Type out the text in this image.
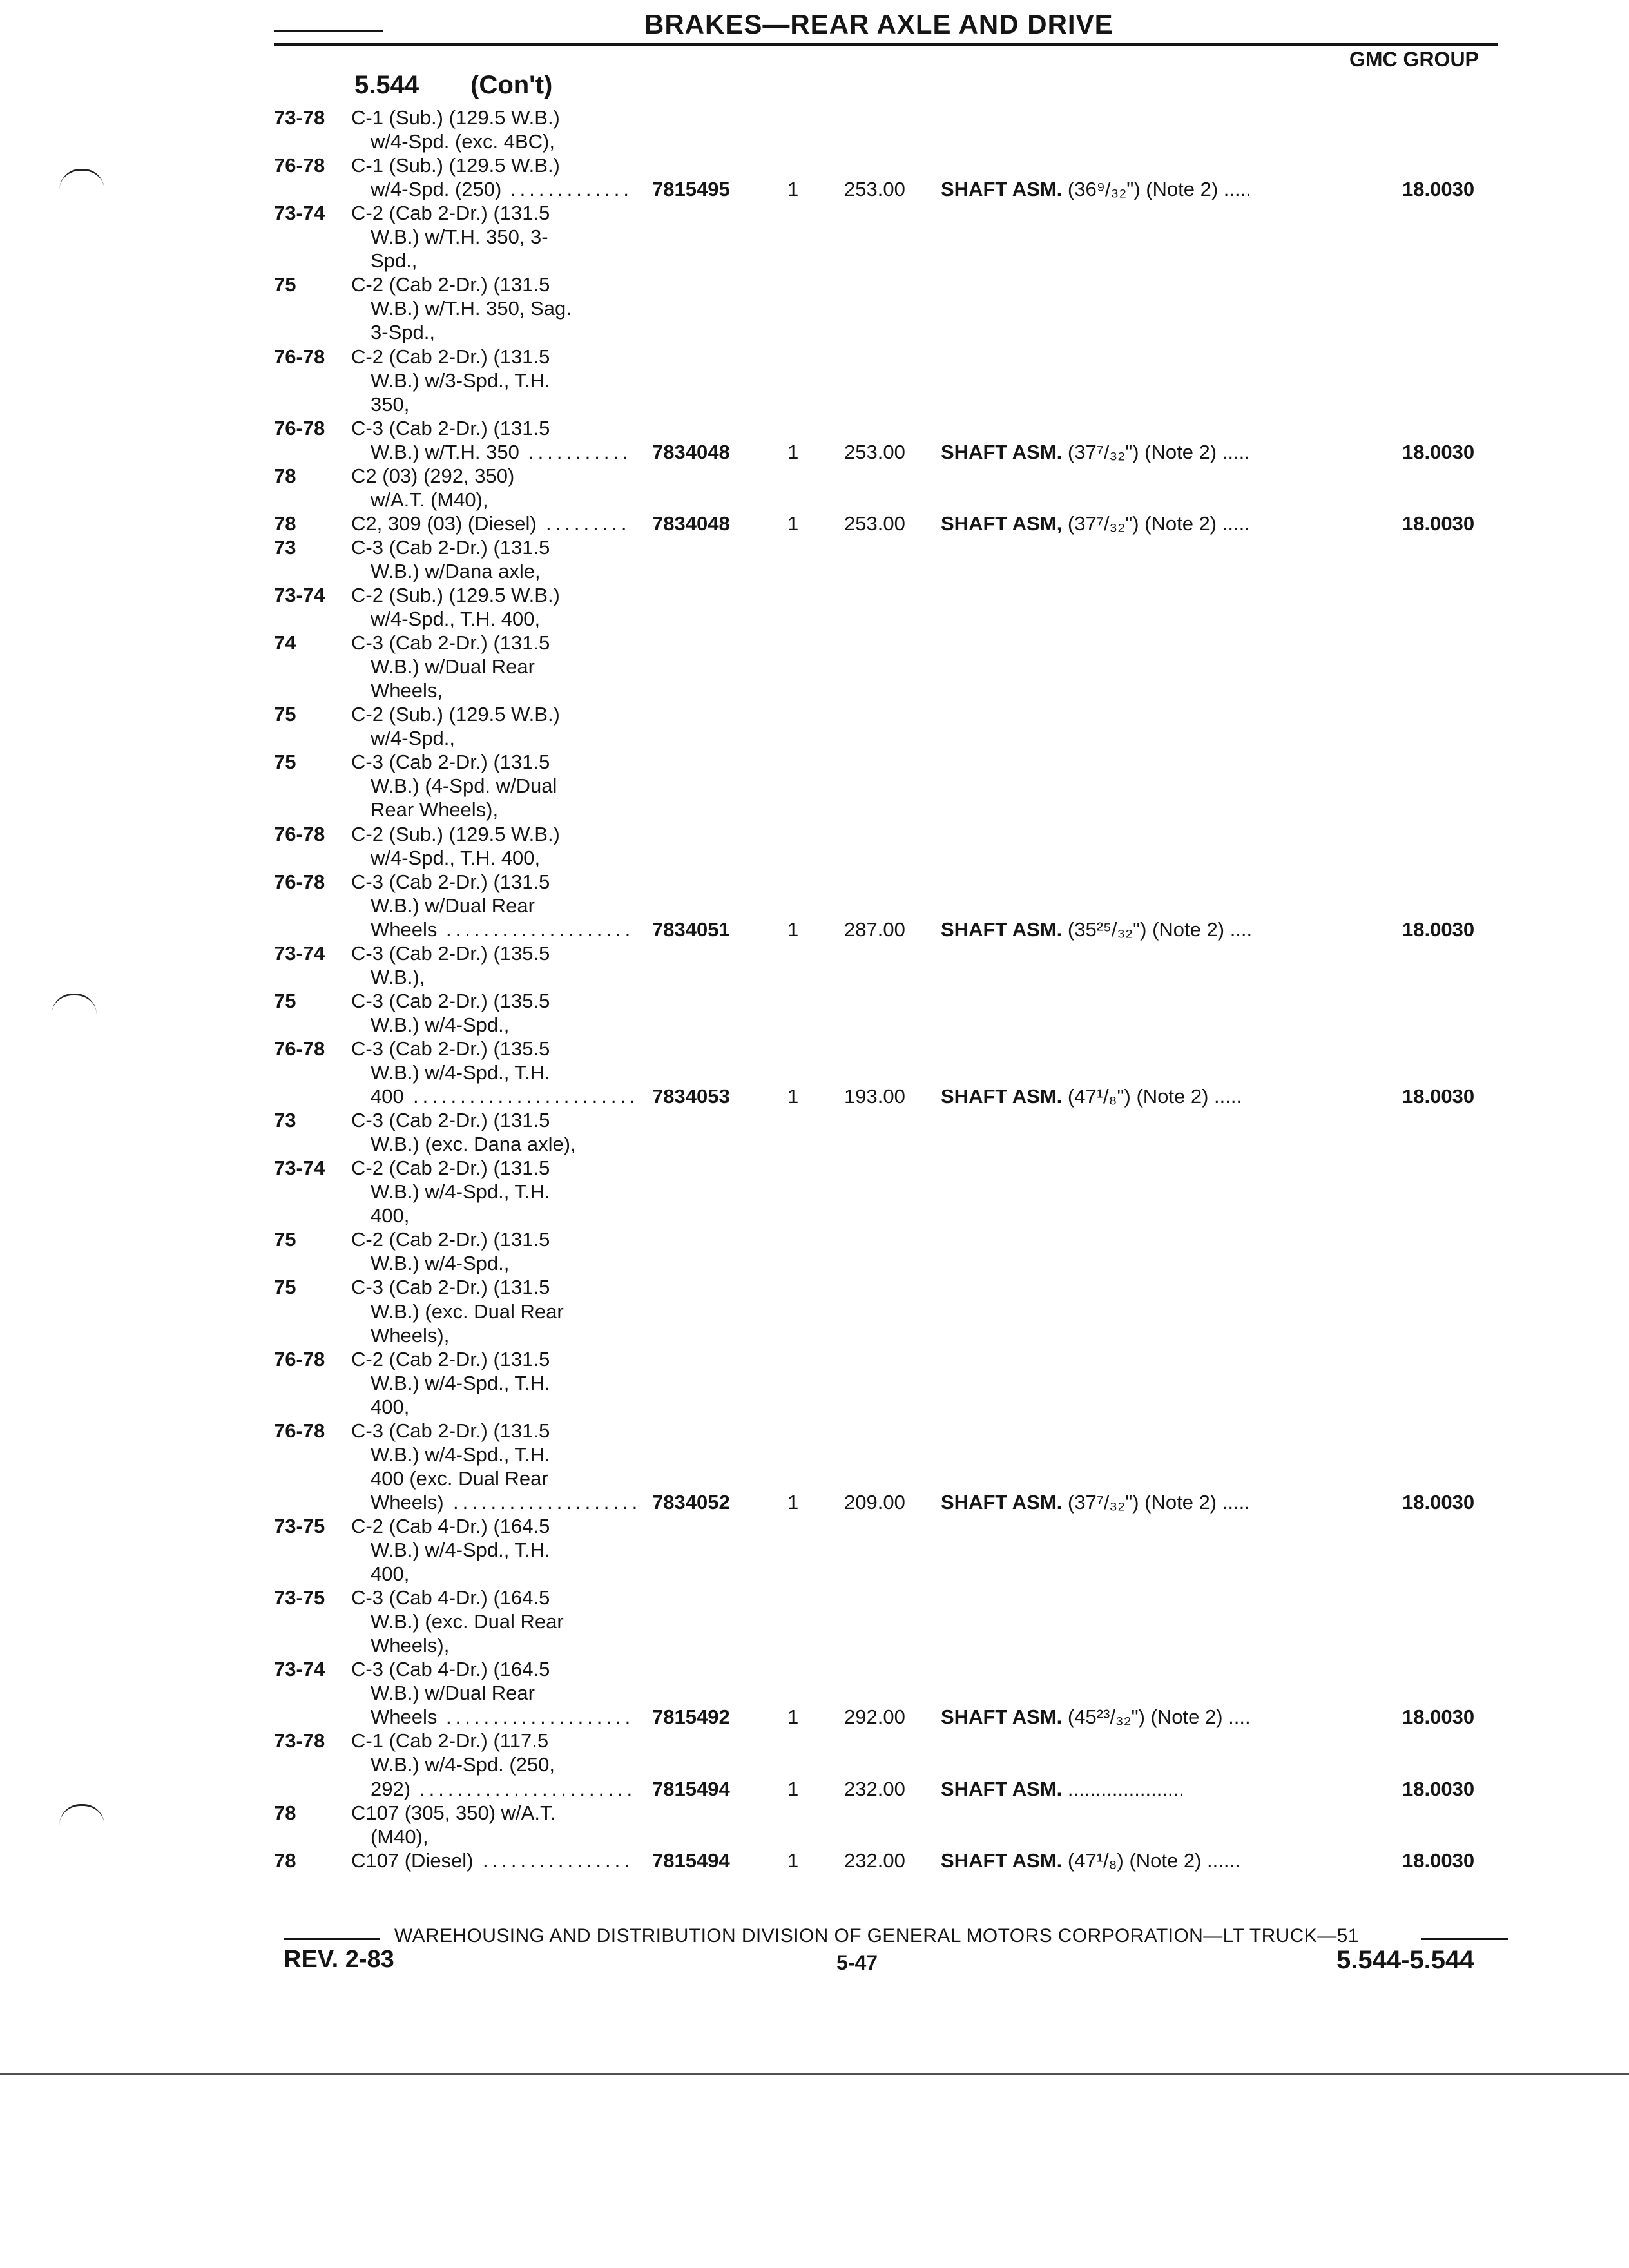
BRAKES—REAR AXLE AND DRIVE
GMC GROUP
5.544 (Con't)
73-78	C-1 (Sub.) (129.5 W.B.)
w/4-Spd. (exc. 4BC),
76-78	C-1 (Sub.) (129.5 W.B.)
w/4-Spd. (250) ............. 7815495	1 253.00 SHAFT ASM. (36⁹/₃₂") (Note 2) .....	18.0030
73-74	C-2 (Cab 2-Dr.) (131.5
W.B.) w/T.H. 350, 3-
Spd.,
75	C-2 (Cab 2-Dr.) (131.5
W.B.) w/T.H. 350, Sag.
3-Spd.,
76-78	C-2 (Cab 2-Dr.) (131.5
W.B.) w/3-Spd., T.H.
350,
76-78	C-3 (Cab 2-Dr.) (131.5
W.B.) w/T.H. 350 ........... 7834048	1 253.00 SHAFT ASM. (37⁷/₃₂") (Note 2) .....	18.0030
78	C2 (03) (292, 350)
w/A.T. (M40),
78	C2, 309 (03) (Diesel) ......... 7834048	1 253.00 SHAFT ASM, (37⁷/₃₂") (Note 2) .....	18.0030
73	C-3 (Cab 2-Dr.) (131.5
W.B.) w/Dana axle,
73-74	C-2 (Sub.) (129.5 W.B.)
w/4-Spd., T.H. 400,
74	C-3 (Cab 2-Dr.) (131.5
W.B.) w/Dual Rear
Wheels,
75	C-2 (Sub.) (129.5 W.B.)
w/4-Spd.,
75	C-3 (Cab 2-Dr.) (131.5
W.B.) (4-Spd. w/Dual
Rear Wheels),
76-78	C-2 (Sub.) (129.5 W.B.)
w/4-Spd., T.H. 400,
76-78	C-3 (Cab 2-Dr.) (131.5
W.B.) w/Dual Rear
Wheels .................... 7834051	1 287.00 SHAFT ASM. (35²⁵/₃₂") (Note 2) ....	18.0030
73-74	C-3 (Cab 2-Dr.) (135.5
W.B.),
75	C-3 (Cab 2-Dr.) (135.5
W.B.) w/4-Spd.,
76-78	C-3 (Cab 2-Dr.) (135.5
W.B.) w/4-Spd., T.H.
400 ........................ 7834053	1 193.00 SHAFT ASM. (47¹/₈") (Note 2) .....	18.0030
73	C-3 (Cab 2-Dr.) (131.5
W.B.) (exc. Dana axle),
73-74	C-2 (Cab 2-Dr.) (131.5
W.B.) w/4-Spd., T.H.
400,
75	C-2 (Cab 2-Dr.) (131.5
W.B.) w/4-Spd.,
75	C-3 (Cab 2-Dr.) (131.5
W.B.) (exc. Dual Rear
Wheels),
76-78	C-2 (Cab 2-Dr.) (131.5
W.B.) w/4-Spd., T.H.
400,
76-78	C-3 (Cab 2-Dr.) (131.5
W.B.) w/4-Spd., T.H.
400 (exc. Dual Rear
Wheels) .................... 7834052	1 209.00 SHAFT ASM. (37⁷/₃₂") (Note 2) .....	18.0030
73-75	C-2 (Cab 4-Dr.) (164.5
W.B.) w/4-Spd., T.H.
400,
73-75	C-3 (Cab 4-Dr.) (164.5
W.B.) (exc. Dual Rear
Wheels),
73-74	C-3 (Cab 4-Dr.) (164.5
W.B.) w/Dual Rear
Wheels .................... 7815492	1 292.00 SHAFT ASM. (45²³/₃₂") (Note 2) ....	18.0030
73-78	C-1 (Cab 2-Dr.) (117.5
W.B.) w/4-Spd. (250,
292) ....................... 7815494	1 232.00 SHAFT ASM. .....................	18.0030
78	C107 (305, 350) w/A.T.
(M40),
78	C107 (Diesel) ................ 7815494	1 232.00 SHAFT ASM. (47¹/₈) (Note 2) ......	18.0030
WAREHOUSING AND DISTRIBUTION DIVISION OF GENERAL MOTORS CORPORATION—LT TRUCK—51
REV. 2-83	5-47	5.544-5.544
